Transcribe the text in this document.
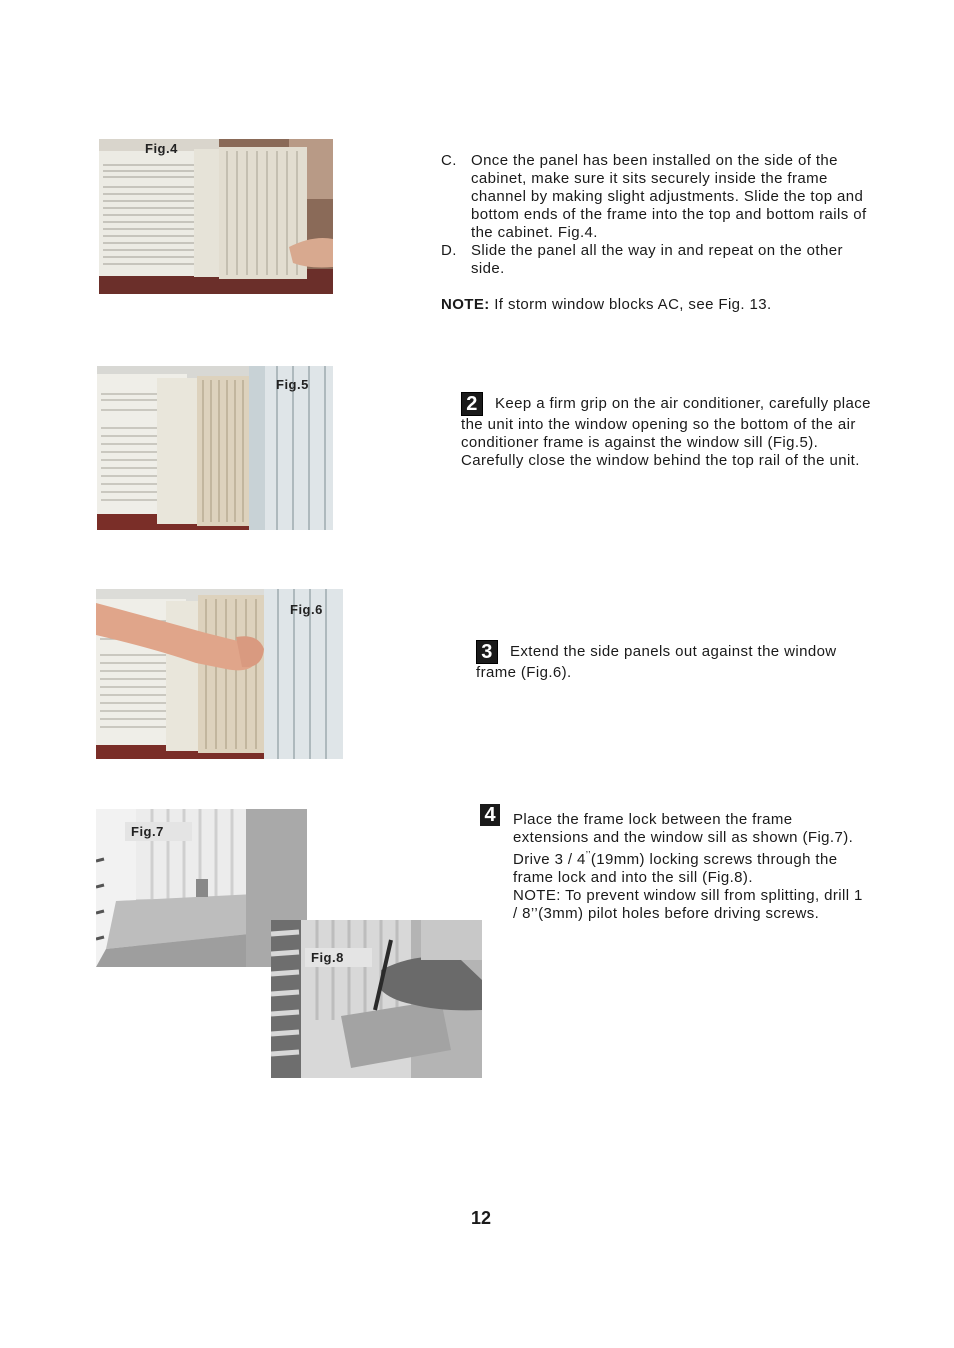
Fig.4
Fig.5
Fig.6
Fig.7
Fig.8
C. Once the panel has been installed on the side of the cabinet, make sure it sits securely inside the frame channel by making slight adjustments. Slide the top and bottom ends of the frame into the top and bottom rails of the cabinet. Fig.4.

D. Slide the panel all the way in and repeat on the other side.

NOTE: If storm window blocks AC, see Fig. 13.

2 Keep a firm grip on the air conditioner, carefully place the unit into the window opening so the bottom of the air conditioner frame is against the window sill (Fig.5). Carefully close the window behind the top rail of the unit.

3 Extend the side panels out against the window frame (Fig.6).

4 Place the frame lock between the frame extensions and the window sill as shown (Fig.7). Drive 3 / 4’’(19mm) locking screws through the frame lock and into the sill (Fig.8).

NOTE: To prevent window sill from splitting, drill 1 / 8’’(3mm) pilot holes before driving screws.

12
